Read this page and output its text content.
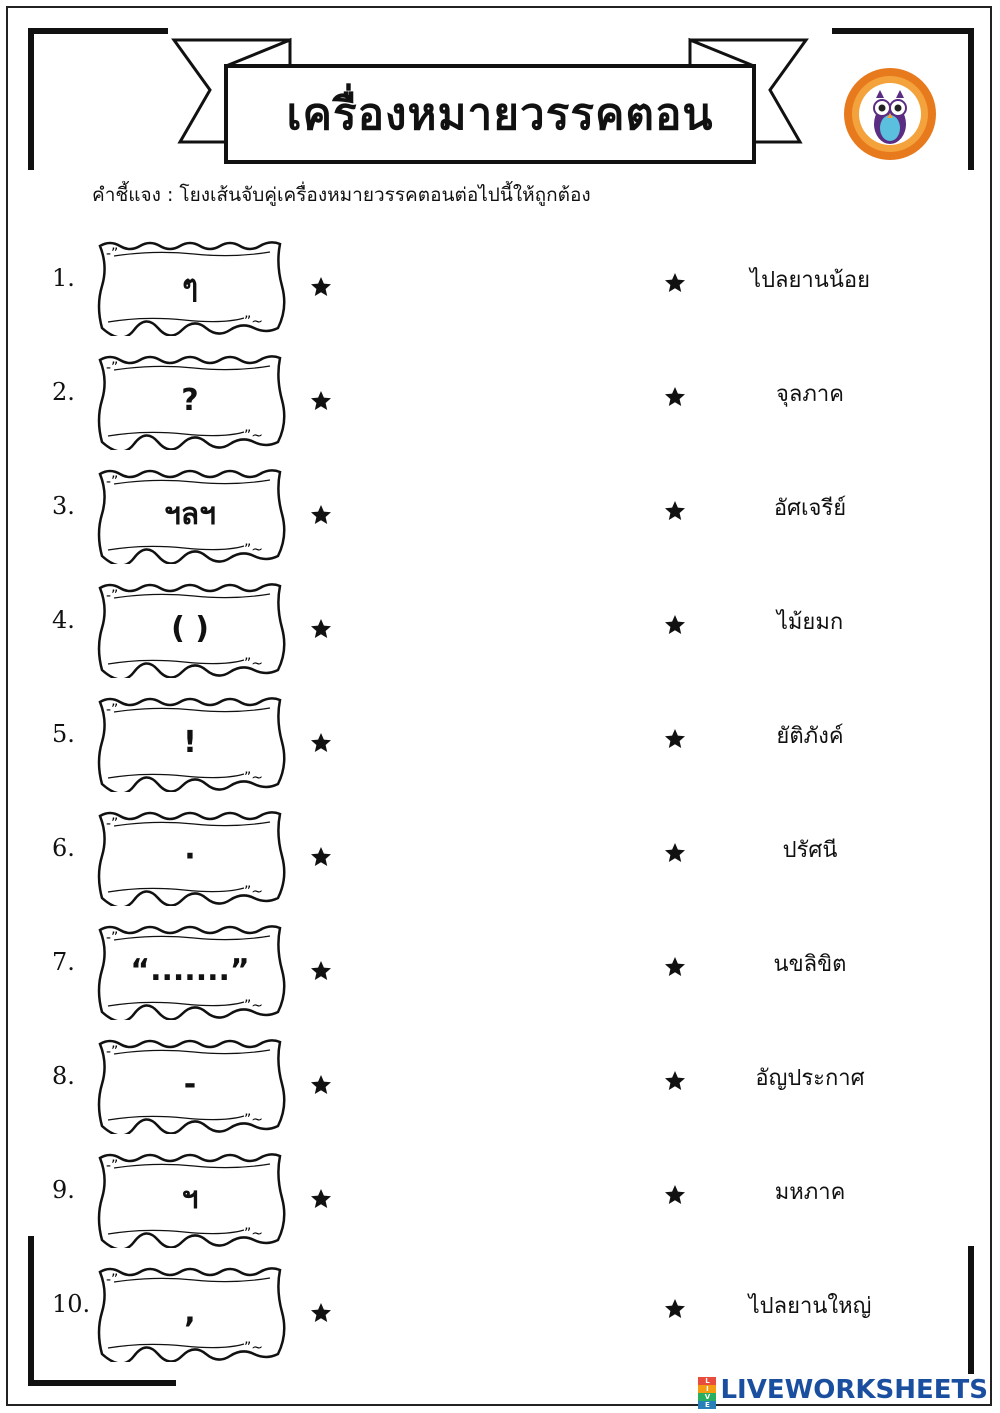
เครื่องหมายวรรคตอน
คำชี้แจง : โยงเส้นจับคู่เครื่องหมายวรรคตอนต่อไปนี้ให้ถูกต้อง
1.
-”
”~
ๆ	ไปลยานน้อย
2.
-”
”~
?	จุลภาค
3.
-”
”~
ฯลฯ	อัศเจรีย์
4.
-”
”~
( )	ไม้ยมก
5.
-”
”~
!	ยัติภังค์
6.
-”
”~
·	ปรัศนี
7.
-”
”~
“.......”	นขลิขิต
8.
-”
”~
-	อัญประกาศ
9.
-”
”~
ฯ	มหภาค
10.
-”
”~
,	ไปลยานใหญ่
L
I
V
E LIVEWORKSHEETS
